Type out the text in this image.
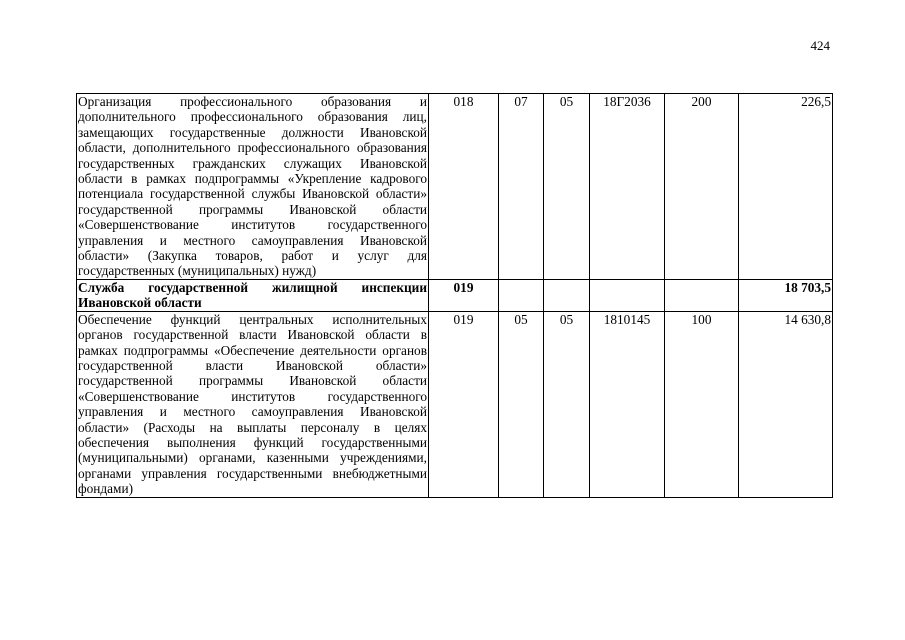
424
Организация профессионального образования и дополнительного профессионального образования лиц, замещающих государственные должности Ивановской области, дополнительного профессионального образования государственных гражданских служащих Ивановской области в рамках подпрограммы «Укрепление кадрового потенциала государственной службы Ивановской области» государственной программы Ивановской области «Совершенствование институтов государственного управления и местного самоуправления Ивановской области» (Закупка товаров, работ и услуг для государственных (муниципальных) нужд)	018	07	05	18Г2036	200	226,5
Служба государственной жилищной инспекции Ивановской области	019					18 703,5
Обеспечение функций центральных исполнительных органов государственной власти Ивановской области в рамках подпрограммы «Обеспечение деятельности органов государственной власти Ивановской области» государственной программы Ивановской области «Совершенствование институтов государственного управления и местного самоуправления Ивановской области» (Расходы на выплаты персоналу в целях обеспечения выполнения функций государственными (муниципальными) органами, казенными учреждениями, органами управления государственными внебюджетными фондами)	019	05	05	1810145	100	14 630,8
